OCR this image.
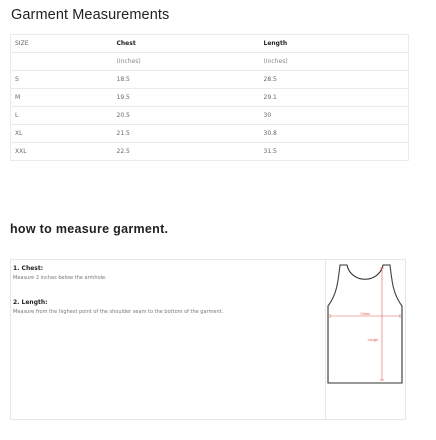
Garment Measurements
SIZE	Chest	Length
	(Inches)	(Inches)
S	18.5	28.5
M	19.5	29.1
L	20.5	30
XL	21.5	30.8
XXL	22.5	31.5
how to measure garment.
1. Chest:
Measure 2 inches below the armhole.
2. Length:
Measure from the highest point of the shoulder seam to the bottom of the garment.	Chest
Length
